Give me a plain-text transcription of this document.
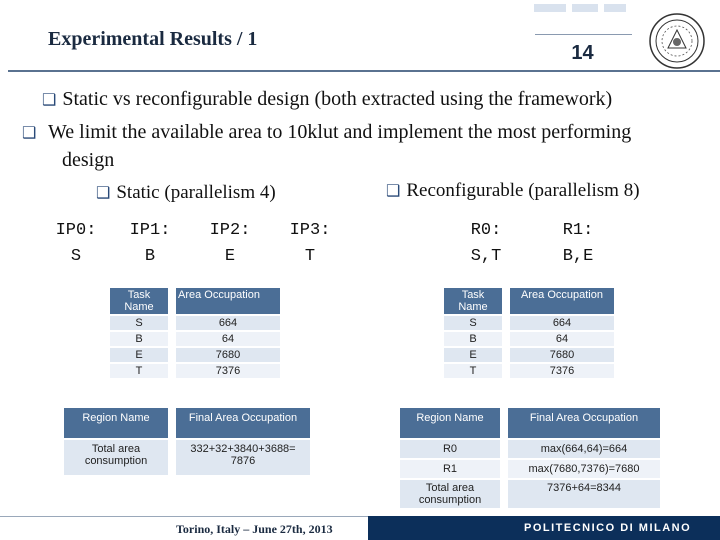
Experimental Results / 1
14
❑ Static vs reconfigurable design (both extracted using the framework)
❑ We limit the available area to 10klut and implement the most performing design
❑ Static (parallelism 4)	❑ Reconfigurable (parallelism 8)
IP0:
S
IP1:
B
IP2:
E
IP3:
T
R0:
S,T
R1:
B,E
Task Name		Area Occupation
S		664
B		64
E		7680
T		7376
Region Name		Final Area Occupation
Total area consumption		332+32+3840+3688= 7876
Task Name		Area Occupation
S		664
B		64
E		7680
T		7376
Region Name		Final Area Occupation
R0		max(664,64)=664
R1		max(7680,7376)=7680
Total area consumption		7376+64=8344
Torino, Italy – June 27th, 2013	POLITECNICO DI MILANO
